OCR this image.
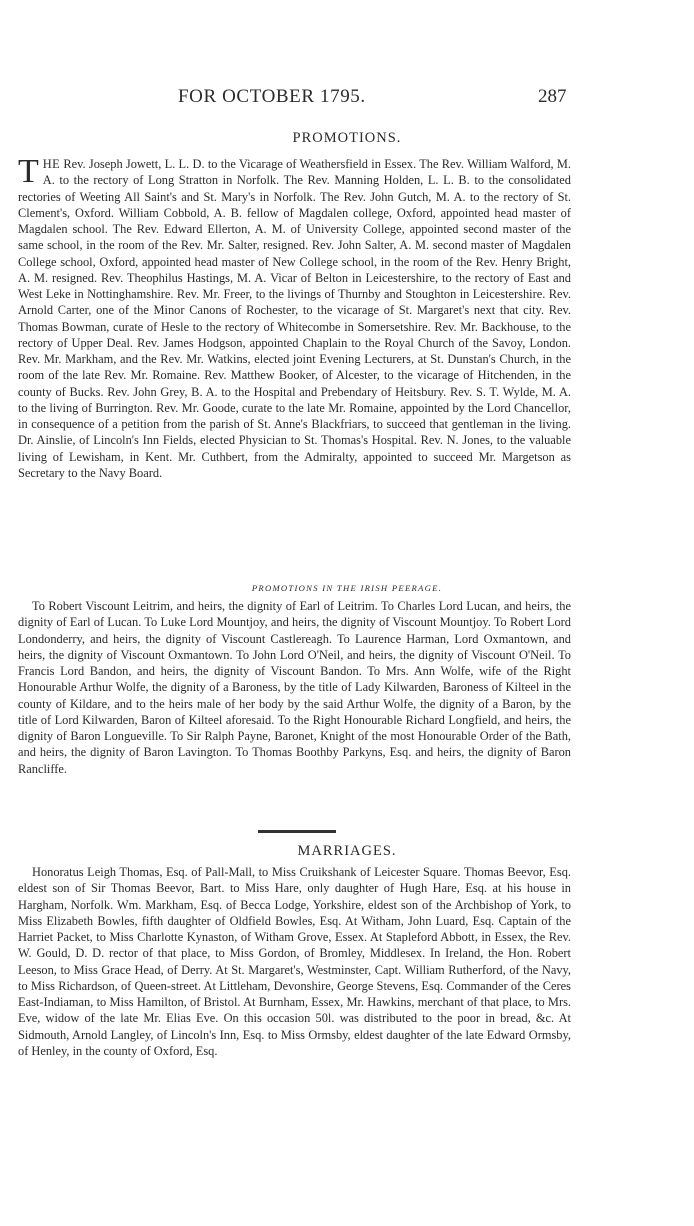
FOR OCTOBER 1795.	287
PROMOTIONS.

THE Rev. Joseph Jowett, L. L. D. to the Vicarage of Weathersfield in Essex. The Rev. William Walford, M. A. to the rectory of Long Stratton in Norfolk. The Rev. Manning Holden, L. L. B. to the consolidated rectories of Weeting All Saint's and St. Mary's in Norfolk. The Rev. John Gutch, M. A. to the rectory of St. Clement's, Oxford. William Cobbold, A. B. fellow of Magdalen college, Oxford, appointed head master of Magdalen school. The Rev. Edward Ellerton, A. M. of University College, appointed second master of the same school, in the room of the Rev. Mr. Salter, resigned. Rev. John Salter, A. M. second master of Magdalen College school, Oxford, appointed head master of New College school, in the room of the Rev. Henry Bright, A. M. resigned. Rev. Theophilus Hastings, M. A. Vicar of Belton in Leicestershire, to the rectory of East and West Leke in Nottinghamshire. Rev. Mr. Freer, to the livings of Thurnby and Stoughton in Leicestershire. Rev. Arnold Carter, one of the Minor Canons of Rochester, to the vicarage of St. Margaret's next that city. Rev. Thomas Bowman, curate of Hesle to the rectory of Whitecombe in Somersetshire. Rev. Mr. Backhouse, to the rectory of Upper Deal. Rev. James Hodgson, appointed Chaplain to the Royal Church of the Savoy, London. Rev. Mr. Markham, and the Rev. Mr. Watkins, elected joint Evening Lecturers, at St. Dunstan's Church, in the room of the late Rev. Mr. Romaine. Rev. Matthew Booker, of Alcester, to the vicarage of Hitchenden, in the county of Bucks. Rev. John Grey, B. A. to the Hospital and Prebendary of Heitsbury. Rev. S. T. Wylde, M. A. to the living of Burrington. Rev. Mr. Goode, curate to the late Mr. Romaine, appointed by the Lord Chancellor, in consequence of a petition from the parish of St. Anne's Blackfriars, to succeed that gentleman in the living. Dr. Ainslie, of Lincoln's Inn Fields, elected Physician to St. Thomas's Hospital. Rev. N. Jones, to the valuable living of Lewisham, in Kent. Mr. Cuthbert, from the Admiralty, appointed to succeed Mr. Margetson as Secretary to the Navy Board.

PROMOTIONS IN THE IRISH PEERAGE.

To Robert Viscount Leitrim, and heirs, the dignity of Earl of Leitrim. To Charles Lord Lucan, and heirs, the dignity of Earl of Lucan. To Luke Lord Mountjoy, and heirs, the dignity of Viscount Mountjoy. To Robert Lord Londonderry, and heirs, the dignity of Viscount Castlereagh. To Laurence Harman, Lord Oxmantown, and heirs, the dignity of Viscount Oxmantown. To John Lord O'Neil, and heirs, the dignity of Viscount O'Neil. To Francis Lord Bandon, and heirs, the dignity of Viscount Bandon. To Mrs. Ann Wolfe, wife of the Right Honourable Arthur Wolfe, the dignity of a Baroness, by the title of Lady Kilwarden, Baroness of Kilteel in the county of Kildare, and to the heirs male of her body by the said Arthur Wolfe, the dignity of a Baron, by the title of Lord Kilwarden, Baron of Kilteel aforesaid. To the Right Honourable Richard Longfield, and heirs, the dignity of Baron Longueville. To Sir Ralph Payne, Baronet, Knight of the most Honourable Order of the Bath, and heirs, the dignity of Baron Lavington. To Thomas Boothby Parkyns, Esq. and heirs, the dignity of Baron Rancliffe.

MARRIAGES.

Honoratus Leigh Thomas, Esq. of Pall-Mall, to Miss Cruikshank of Leicester Square. Thomas Beevor, Esq. eldest son of Sir Thomas Beevor, Bart. to Miss Hare, only daughter of Hugh Hare, Esq. at his house in Hargham, Norfolk. Wm. Markham, Esq. of Becca Lodge, Yorkshire, eldest son of the Archbishop of York, to Miss Elizabeth Bowles, fifth daughter of Oldfield Bowles, Esq. At Witham, John Luard, Esq. Captain of the Harriet Packet, to Miss Charlotte Kynaston, of Witham Grove, Essex. At Stapleford Abbott, in Essex, the Rev. W. Gould, D. D. rector of that place, to Miss Gordon, of Bromley, Middlesex. In Ireland, the Hon. Robert Leeson, to Miss Grace Head, of Derry. At St. Margaret's, Westminster, Capt. William Rutherford, of the Navy, to Miss Richardson, of Queen-street. At Littleham, Devonshire, George Stevens, Esq. Commander of the Ceres East-Indiaman, to Miss Hamilton, of Bristol. At Burnham, Essex, Mr. Hawkins, merchant of that place, to Mrs. Eve, widow of the late Mr. Elias Eve. On this occasion 50l. was distributed to the poor in bread, &c. At Sidmouth, Arnold Langley, of Lincoln's Inn, Esq. to Miss Ormsby, eldest daughter of the late Edward Ormsby, of Henley, in the county of Oxford, Esq.
